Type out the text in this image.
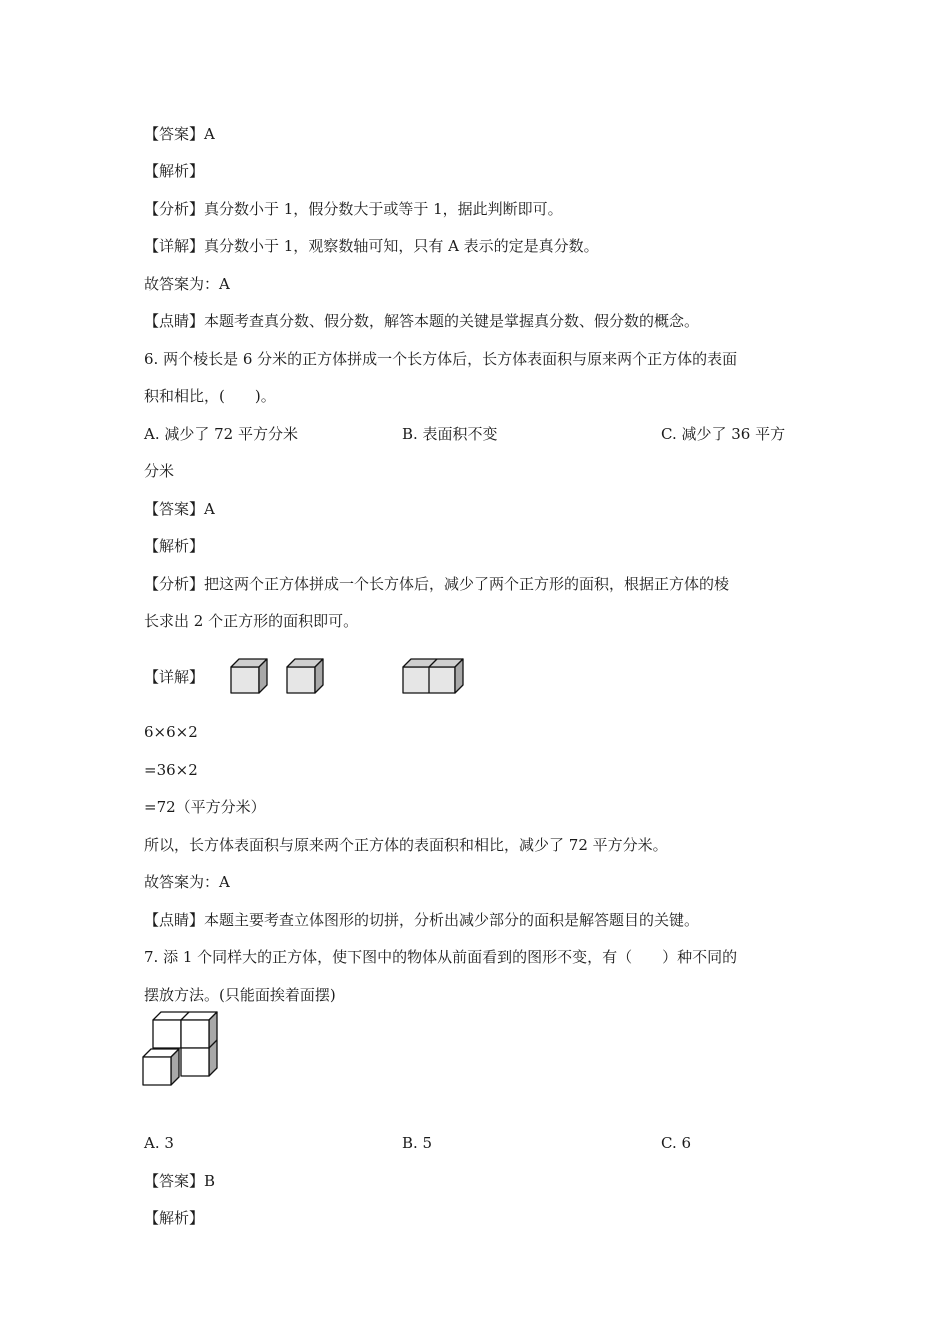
【答案】A
【解析】
【分析】真分数小于 1，假分数大于或等于 1，据此判断即可。
【详解】真分数小于 1，观察数轴可知，只有 A 表示的定是真分数。
故答案为：A
【点睛】本题考查真分数、假分数，解答本题的关键是掌握真分数、假分数的概念。
6. 两个棱长是 6 分米的正方体拼成一个长方体后，长方体表面积与原来两个正方体的表面
积和相比，(　　)。
A. 减少了 72 平方分米	B. 表面积不变	C. 减少了 36 平方
分米
【答案】A
【解析】
【分析】把这两个正方体拼成一个长方体后，减少了两个正方形的面积，根据正方体的棱
长求出 2 个正方形的面积即可。
【详解】
6×6×2
=36×2
=72（平方分米）
所以，长方体表面积与原来两个正方体的表面积和相比，减少了 72 平方分米。
故答案为：A
【点睛】本题主要考查立体图形的切拼，分析出减少部分的面积是解答题目的关键。
7. 添 1 个同样大的正方体，使下图中的物体从前面看到的图形不变，有（　　）种不同的
摆放方法。(只能面挨着面摆)
A. 3	B. 5	C. 6
【答案】B
【解析】
